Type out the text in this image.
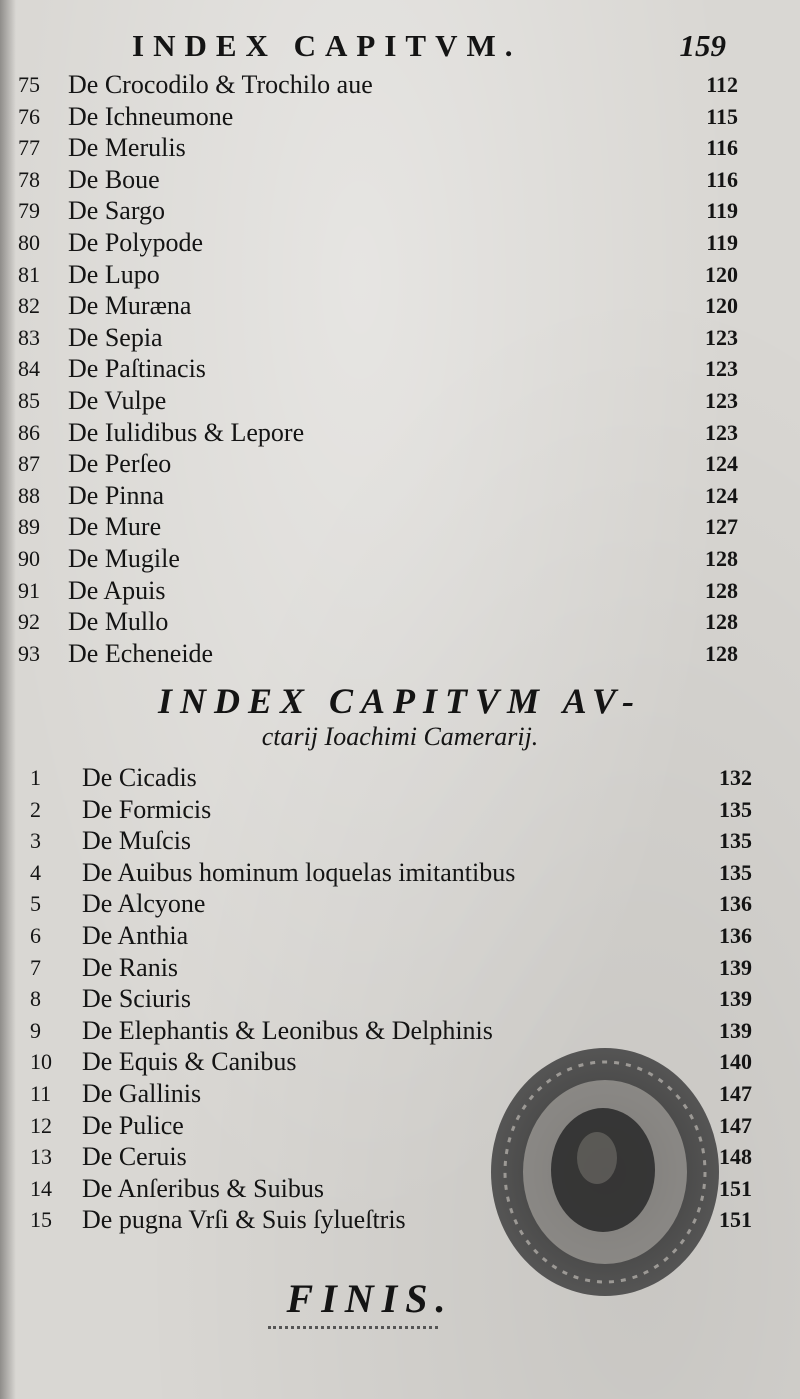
INDEX CAPITVM.	159
75 De Crocodilo & Trochilo aue	112
76 De Ichneumone	115
77 De Merulis	116
78 De Boue	116
79 De Sargo	119
80 De Polypode	119
81 De Lupo	120
82 De Muræna	120
83 De Sepia	123
84 De Paſtinacis	123
85 De Vulpe	123
86 De Iulidibus & Lepore	123
87 De Perſeo	124
88 De Pinna	124
89 De Mure	127
90 De Mugile	128
91 De Apuis	128
92 De Mullo	128
93 De Echeneide	128
INDEX CAPITVM AV-
ctarij Ioachimi Camerarij.
1 De Cicadis	132
2 De Formicis	135
3 De Muſcis	135
4 De Auibus hominum loquelas imitantibus	135
5 De Alcyone	136
6 De Anthia	136
7 De Ranis	139
8 De Sciuris	139
9 De Elephantis & Leonibus & Delphinis	139
10 De Equis & Canibus	140
11 De Gallinis	147
12 De Pulice	147
13 De Ceruis	148
14 De Anſeribus & Suibus	151
15 De pugna Vrſi & Suis ſylueſtris	151
FINIS.
